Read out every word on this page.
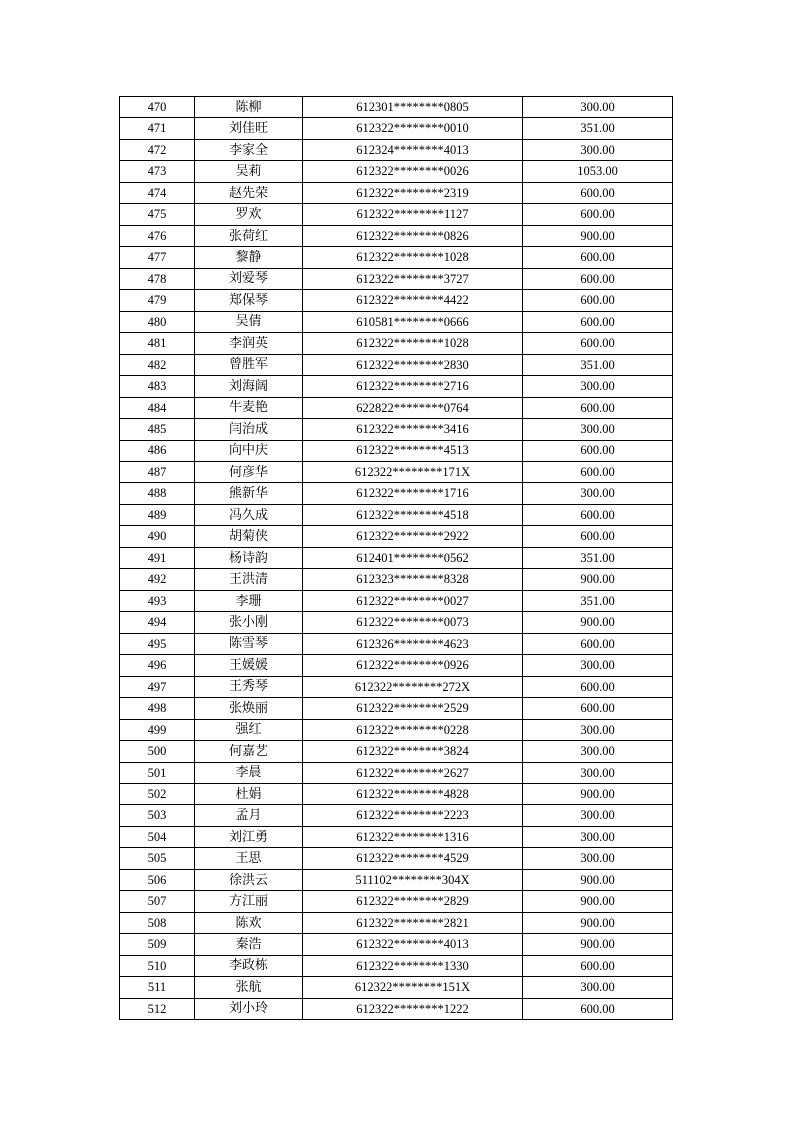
470	陈柳	612301********0805	300.00
471	刘佳旺	612322********0010	351.00
472	李家全	612324********4013	300.00
473	吴莉	612322********0026	1053.00
474	赵先荣	612322********2319	600.00
475	罗欢	612322********1127	600.00
476	张荷红	612322********0826	900.00
477	黎静	612322********1028	600.00
478	刘爱琴	612322********3727	600.00
479	郑保琴	612322********4422	600.00
480	吴倩	610581********0666	600.00
481	李润英	612322********1028	600.00
482	曾胜军	612322********2830	351.00
483	刘海阔	612322********2716	300.00
484	牛麦艳	622822********0764	600.00
485	闫治成	612322********3416	300.00
486	向中庆	612322********4513	600.00
487	何彦华	612322********171X	600.00
488	熊新华	612322********1716	300.00
489	冯久成	612322********4518	600.00
490	胡菊侠	612322********2922	600.00
491	杨诗韵	612401********0562	351.00
492	王洪清	612323********8328	900.00
493	李珊	612322********0027	351.00
494	张小刚	612322********0073	900.00
495	陈雪琴	612326********4623	600.00
496	王媛媛	612322********0926	300.00
497	王秀琴	612322********272X	600.00
498	张焕丽	612322********2529	600.00
499	强红	612322********0228	300.00
500	何嘉艺	612322********3824	300.00
501	李晨	612322********2627	300.00
502	杜娟	612322********4828	900.00
503	孟月	612322********2223	300.00
504	刘江勇	612322********1316	300.00
505	王思	612322********4529	300.00
506	徐洪云	511102********304X	900.00
507	方江丽	612322********2829	900.00
508	陈欢	612322********2821	900.00
509	秦浩	612322********4013	900.00
510	李政栋	612322********1330	600.00
511	张航	612322********151X	300.00
512	刘小玲	612322********1222	600.00
